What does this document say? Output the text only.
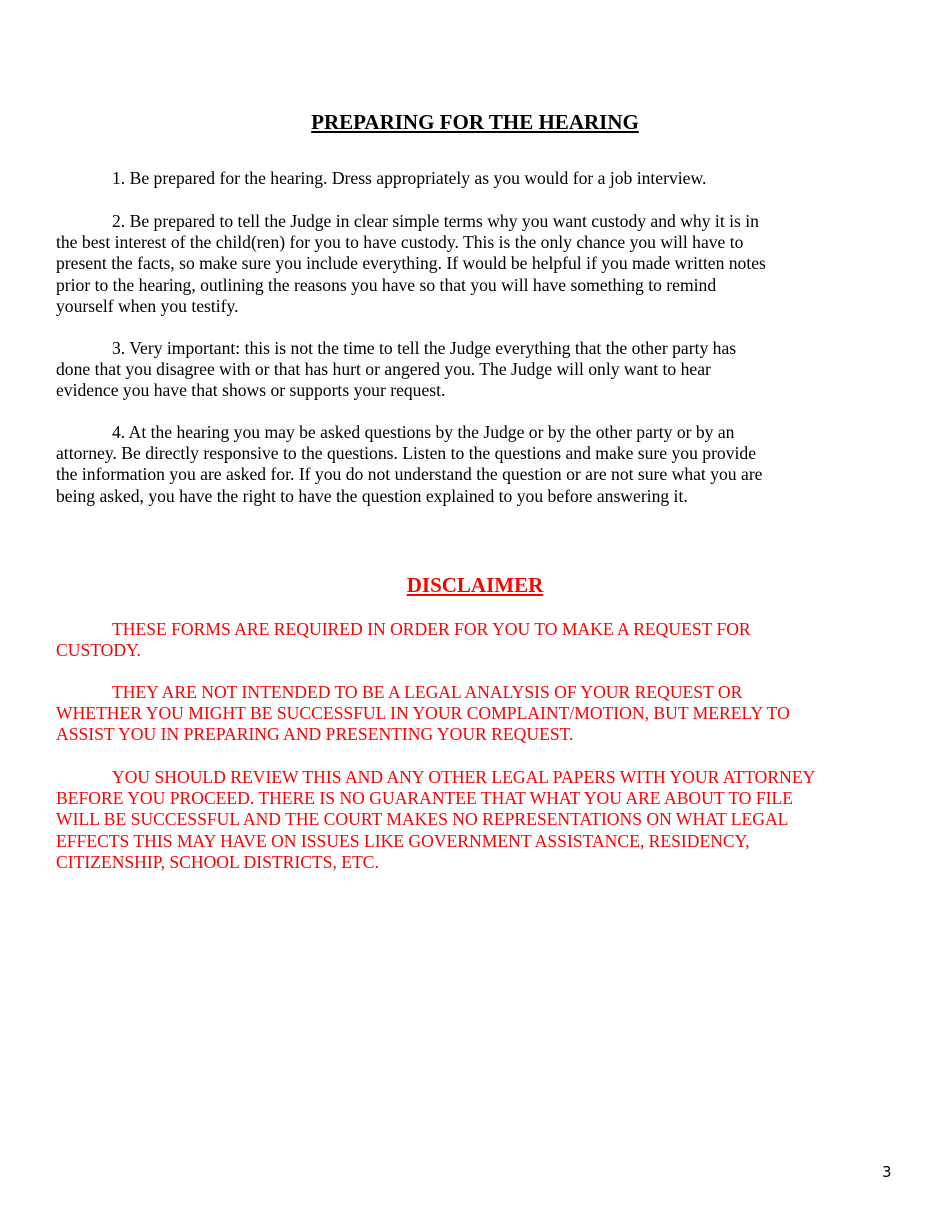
PREPARING FOR THE HEARING

1. Be prepared for the hearing. Dress appropriately as you would for a job interview.

2. Be prepared to tell the Judge in clear simple terms why you want custody and why it is in
the best interest of the child(ren) for you to have custody. This is the only chance you will have to
present the facts, so make sure you include everything. If would be helpful if you made written notes
prior to the hearing, outlining the reasons you have so that you will have something to remind
yourself when you testify.

3. Very important: this is not the time to tell the Judge everything that the other party has
done that you disagree with or that has hurt or angered you. The Judge will only want to hear
evidence you have that shows or supports your request.

4. At the hearing you may be asked questions by the Judge or by the other party or by an
attorney. Be directly responsive to the questions. Listen to the questions and make sure you provide
the information you are asked for. If you do not understand the question or are not sure what you are
being asked, you have the right to have the question explained to you before answering it.

DISCLAIMER

THESE FORMS ARE REQUIRED IN ORDER FOR YOU TO MAKE A REQUEST FOR
CUSTODY.

THEY ARE NOT INTENDED TO BE A LEGAL ANALYSIS OF YOUR REQUEST OR
WHETHER YOU MIGHT BE SUCCESSFUL IN YOUR COMPLAINT/MOTION, BUT MERELY TO
ASSIST YOU IN PREPARING AND PRESENTING YOUR REQUEST.

YOU SHOULD REVIEW THIS AND ANY OTHER LEGAL PAPERS WITH YOUR ATTORNEY
BEFORE YOU PROCEED. THERE IS NO GUARANTEE THAT WHAT YOU ARE ABOUT TO FILE
WILL BE SUCCESSFUL AND THE COURT MAKES NO REPRESENTATIONS ON WHAT LEGAL
EFFECTS THIS MAY HAVE ON ISSUES LIKE GOVERNMENT ASSISTANCE, RESIDENCY,
CITIZENSHIP, SCHOOL DISTRICTS, ETC.

3
